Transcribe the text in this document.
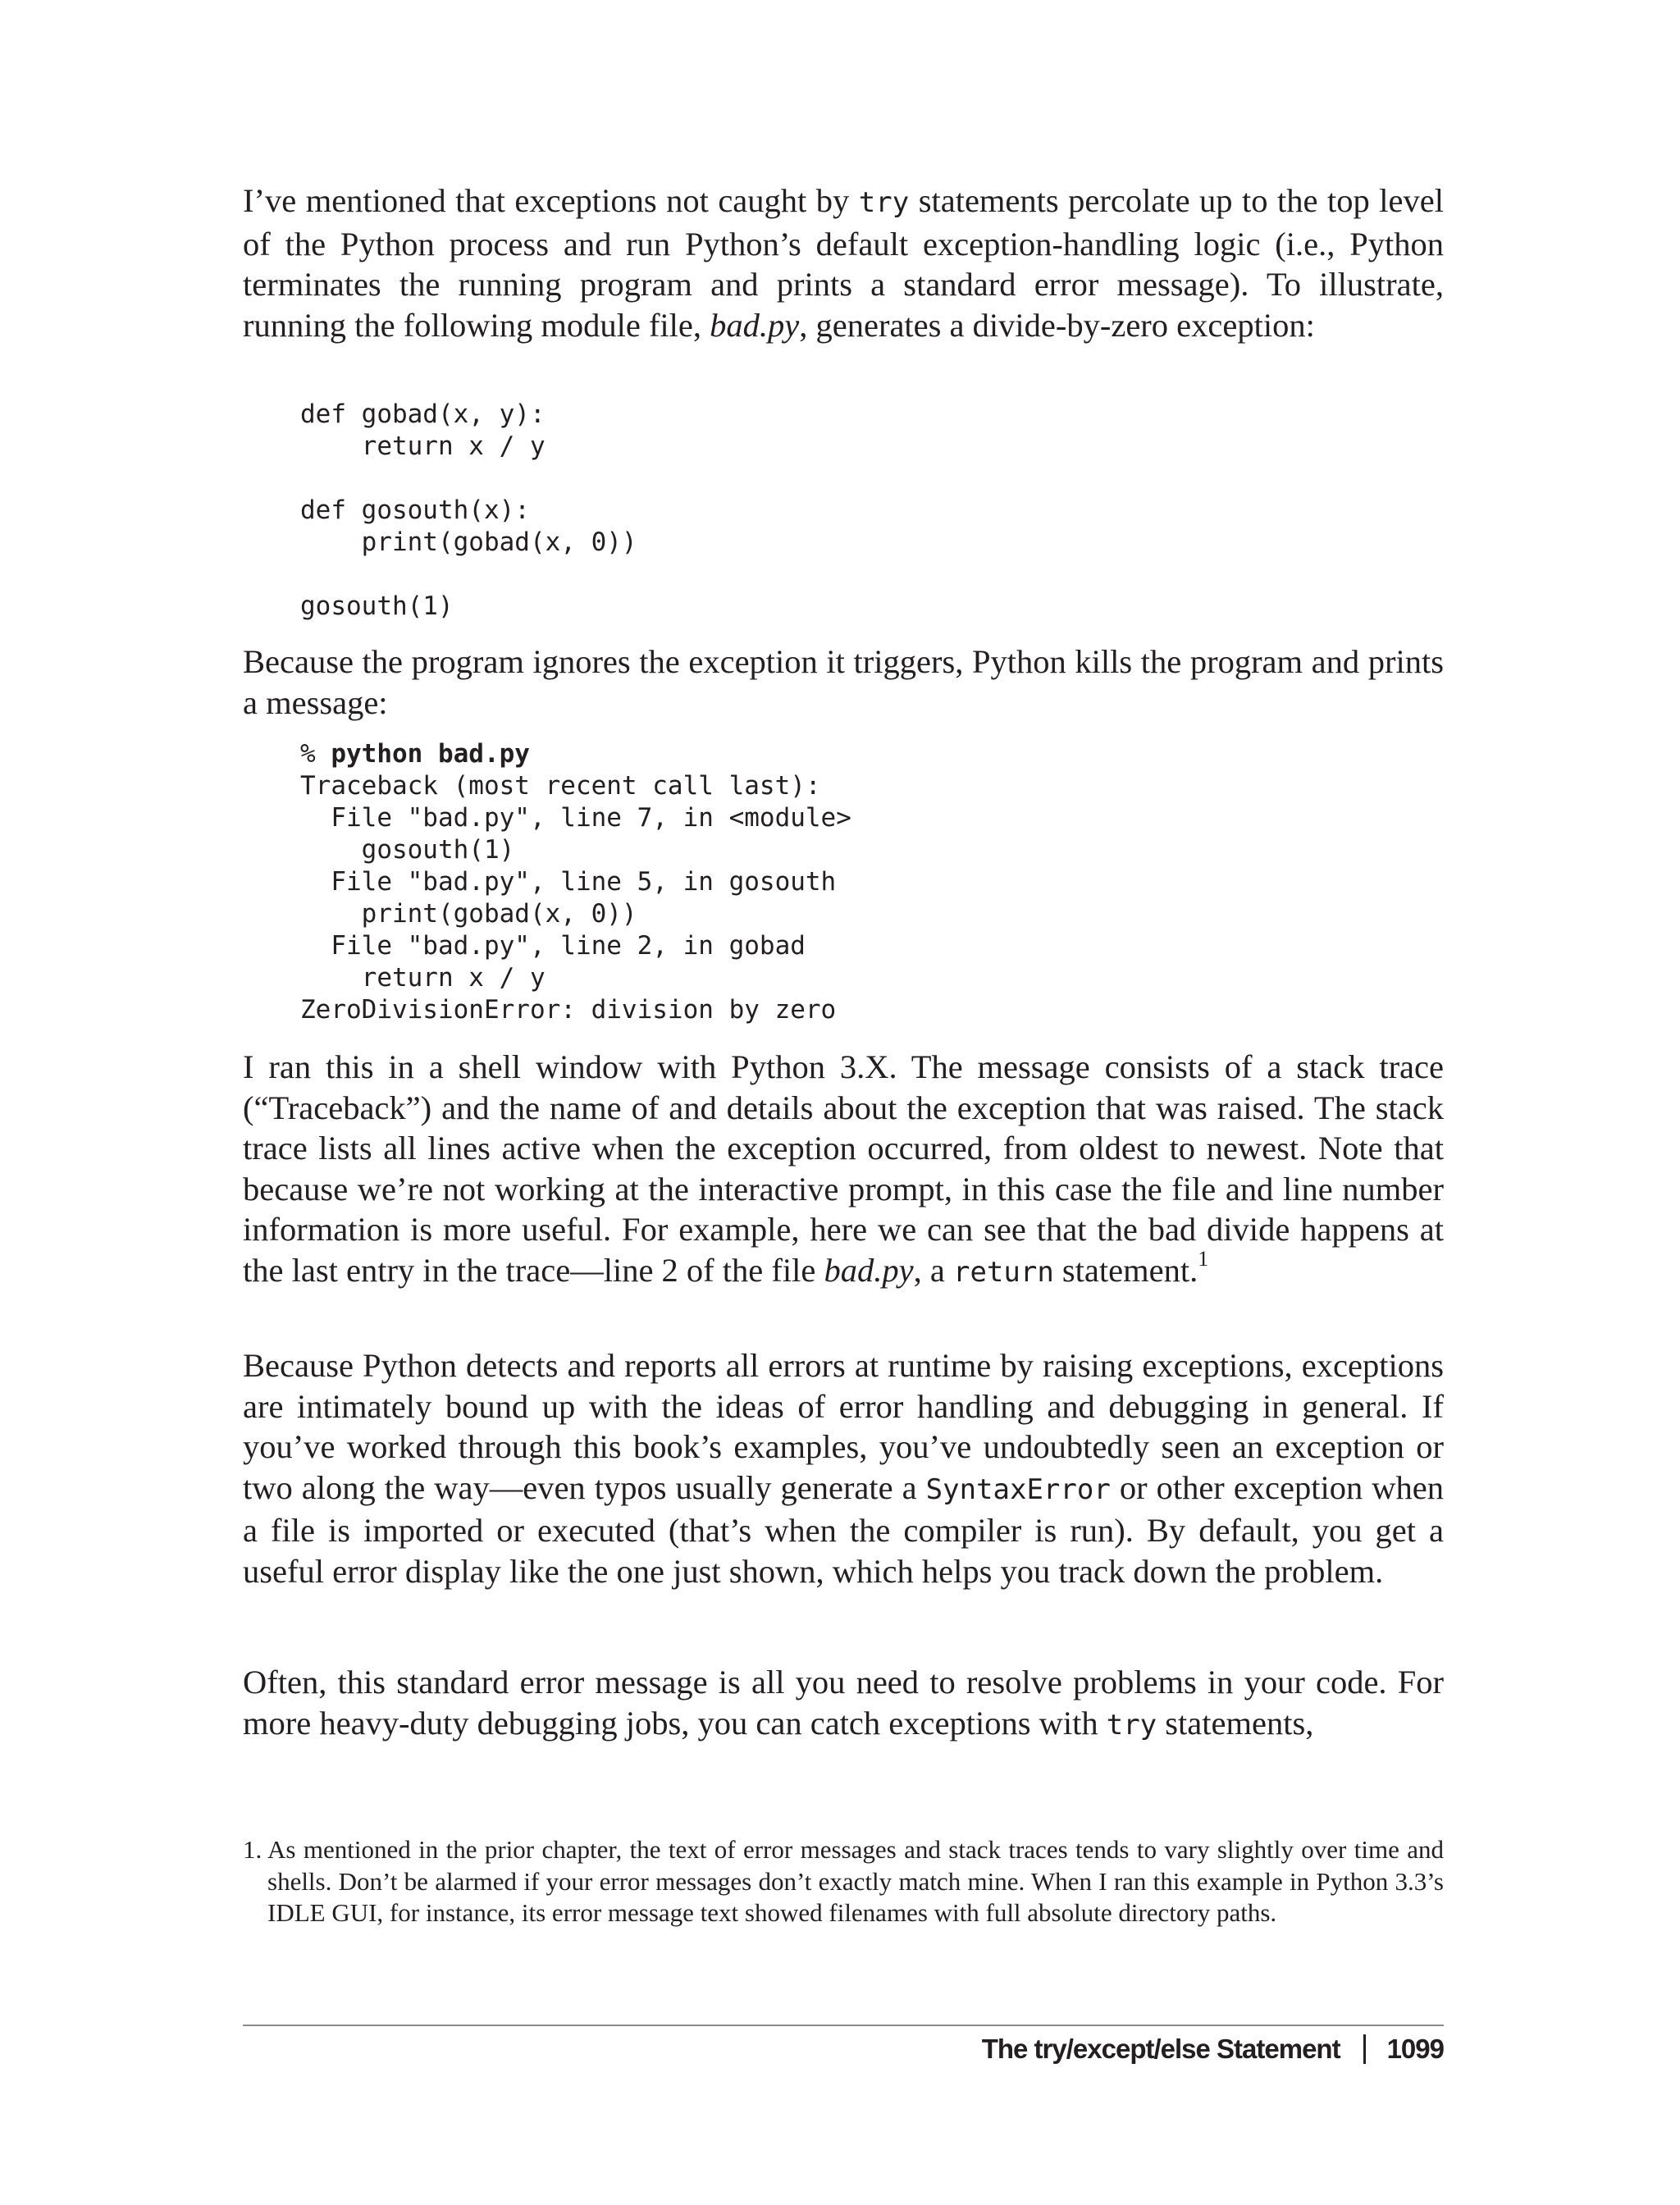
I’ve mentioned that exceptions not caught by try statements percolate up to the top level of the Python process and run Python’s default exception-handling logic (i.e., Python terminates the running program and prints a standard error message). To illustrate, running the following module file, bad.py, generates a divide-by-zero exception:

def gobad(x, y):
return x / y

def gosouth(x):
print(gobad(x, 0))

gosouth(1)

Because the program ignores the exception it triggers, Python kills the program and prints a message:

% python bad.py
Traceback (most recent call last):
File "bad.py", line 7, in <module>
gosouth(1)
File "bad.py", line 5, in gosouth
print(gobad(x, 0))
File "bad.py", line 2, in gobad
return x / y
ZeroDivisionError: division by zero

I ran this in a shell window with Python 3.X. The message consists of a stack trace (“Traceback”) and the name of and details about the exception that was raised. The stack trace lists all lines active when the exception occurred, from oldest to newest. Note that because we’re not working at the interactive prompt, in this case the file and line number information is more useful. For example, here we can see that the bad divide happens at the last entry in the trace—line 2 of the file bad.py, a return statement.$^1$

Because Python detects and reports all errors at runtime by raising exceptions, exceptions are intimately bound up with the ideas of error handling and debugging in general. If you’ve worked through this book’s examples, you’ve undoubtedly seen an exception or two along the way—even typos usually generate a SyntaxError or other exception when a file is imported or executed (that’s when the compiler is run). By default, you get a useful error display like the one just shown, which helps you track down the problem.

Often, this standard error message is all you need to resolve problems in your code. For more heavy-duty debugging jobs, you can catch exceptions with try statements,

1. As mentioned in the prior chapter, the text of error messages and stack traces tends to vary slightly over time and shells. Don’t be alarmed if your error messages don’t exactly match mine. When I ran this example in Python 3.3’s IDLE GUI, for instance, its error message text showed filenames with full absolute directory paths.
The try/except/else Statement 1099
